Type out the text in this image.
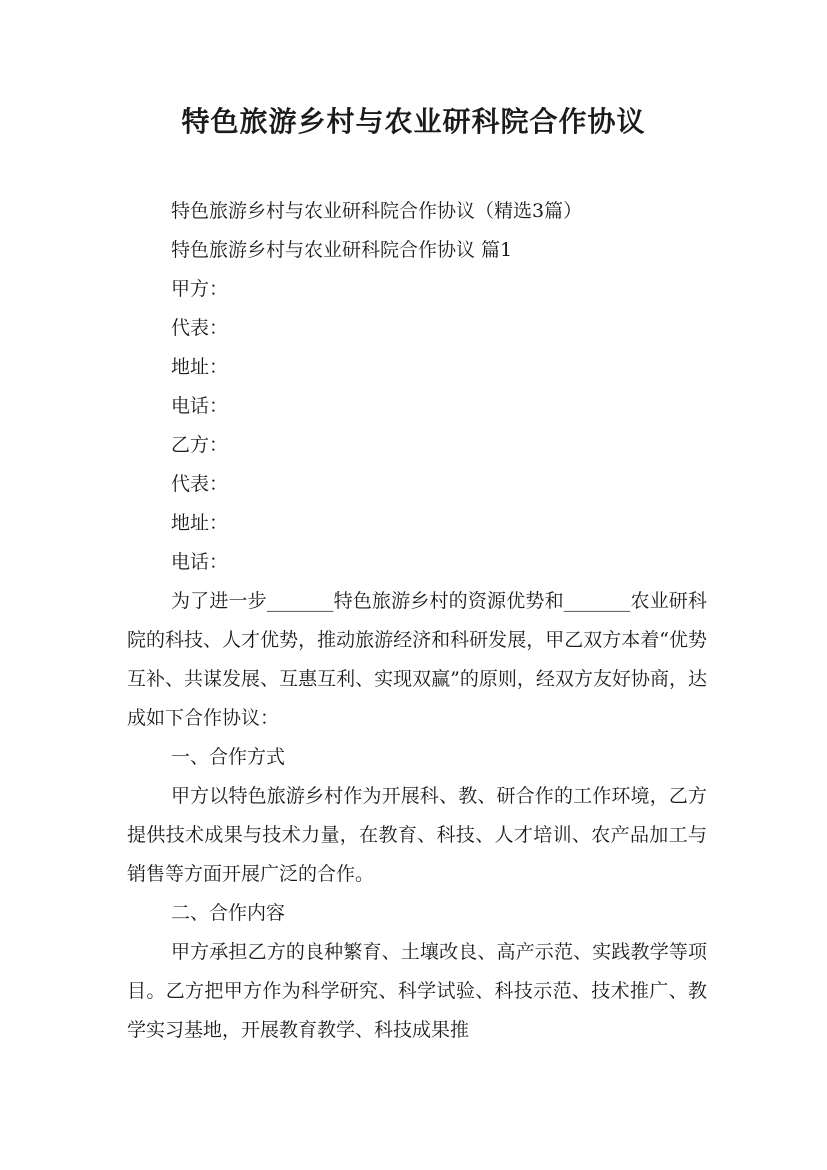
特色旅游乡村与农业研科院合作协议
特色旅游乡村与农业研科院合作协议（精选3篇）
特色旅游乡村与农业研科院合作协议 篇1
甲方：
代表：
地址：
电话：
乙方：
代表：
地址：
电话：
为了进一步_______特色旅游乡村的资源优势和_______农业研科院的科技、人才优势，推动旅游经济和科研发展，甲乙双方本着“优势互补、共谋发展、互惠互利、实现双赢”的原则，经双方友好协商，达成如下合作协议：
一、合作方式
甲方以特色旅游乡村作为开展科、教、研合作的工作环境，乙方提供技术成果与技术力量，在教育、科技、人才培训、农产品加工与销售等方面开展广泛的合作。
二、合作内容
甲方承担乙方的良种繁育、土壤改良、高产示范、实践教学等项目。乙方把甲方作为科学研究、科学试验、科技示范、技术推广、教学实习基地，开展教育教学、科技成果推
